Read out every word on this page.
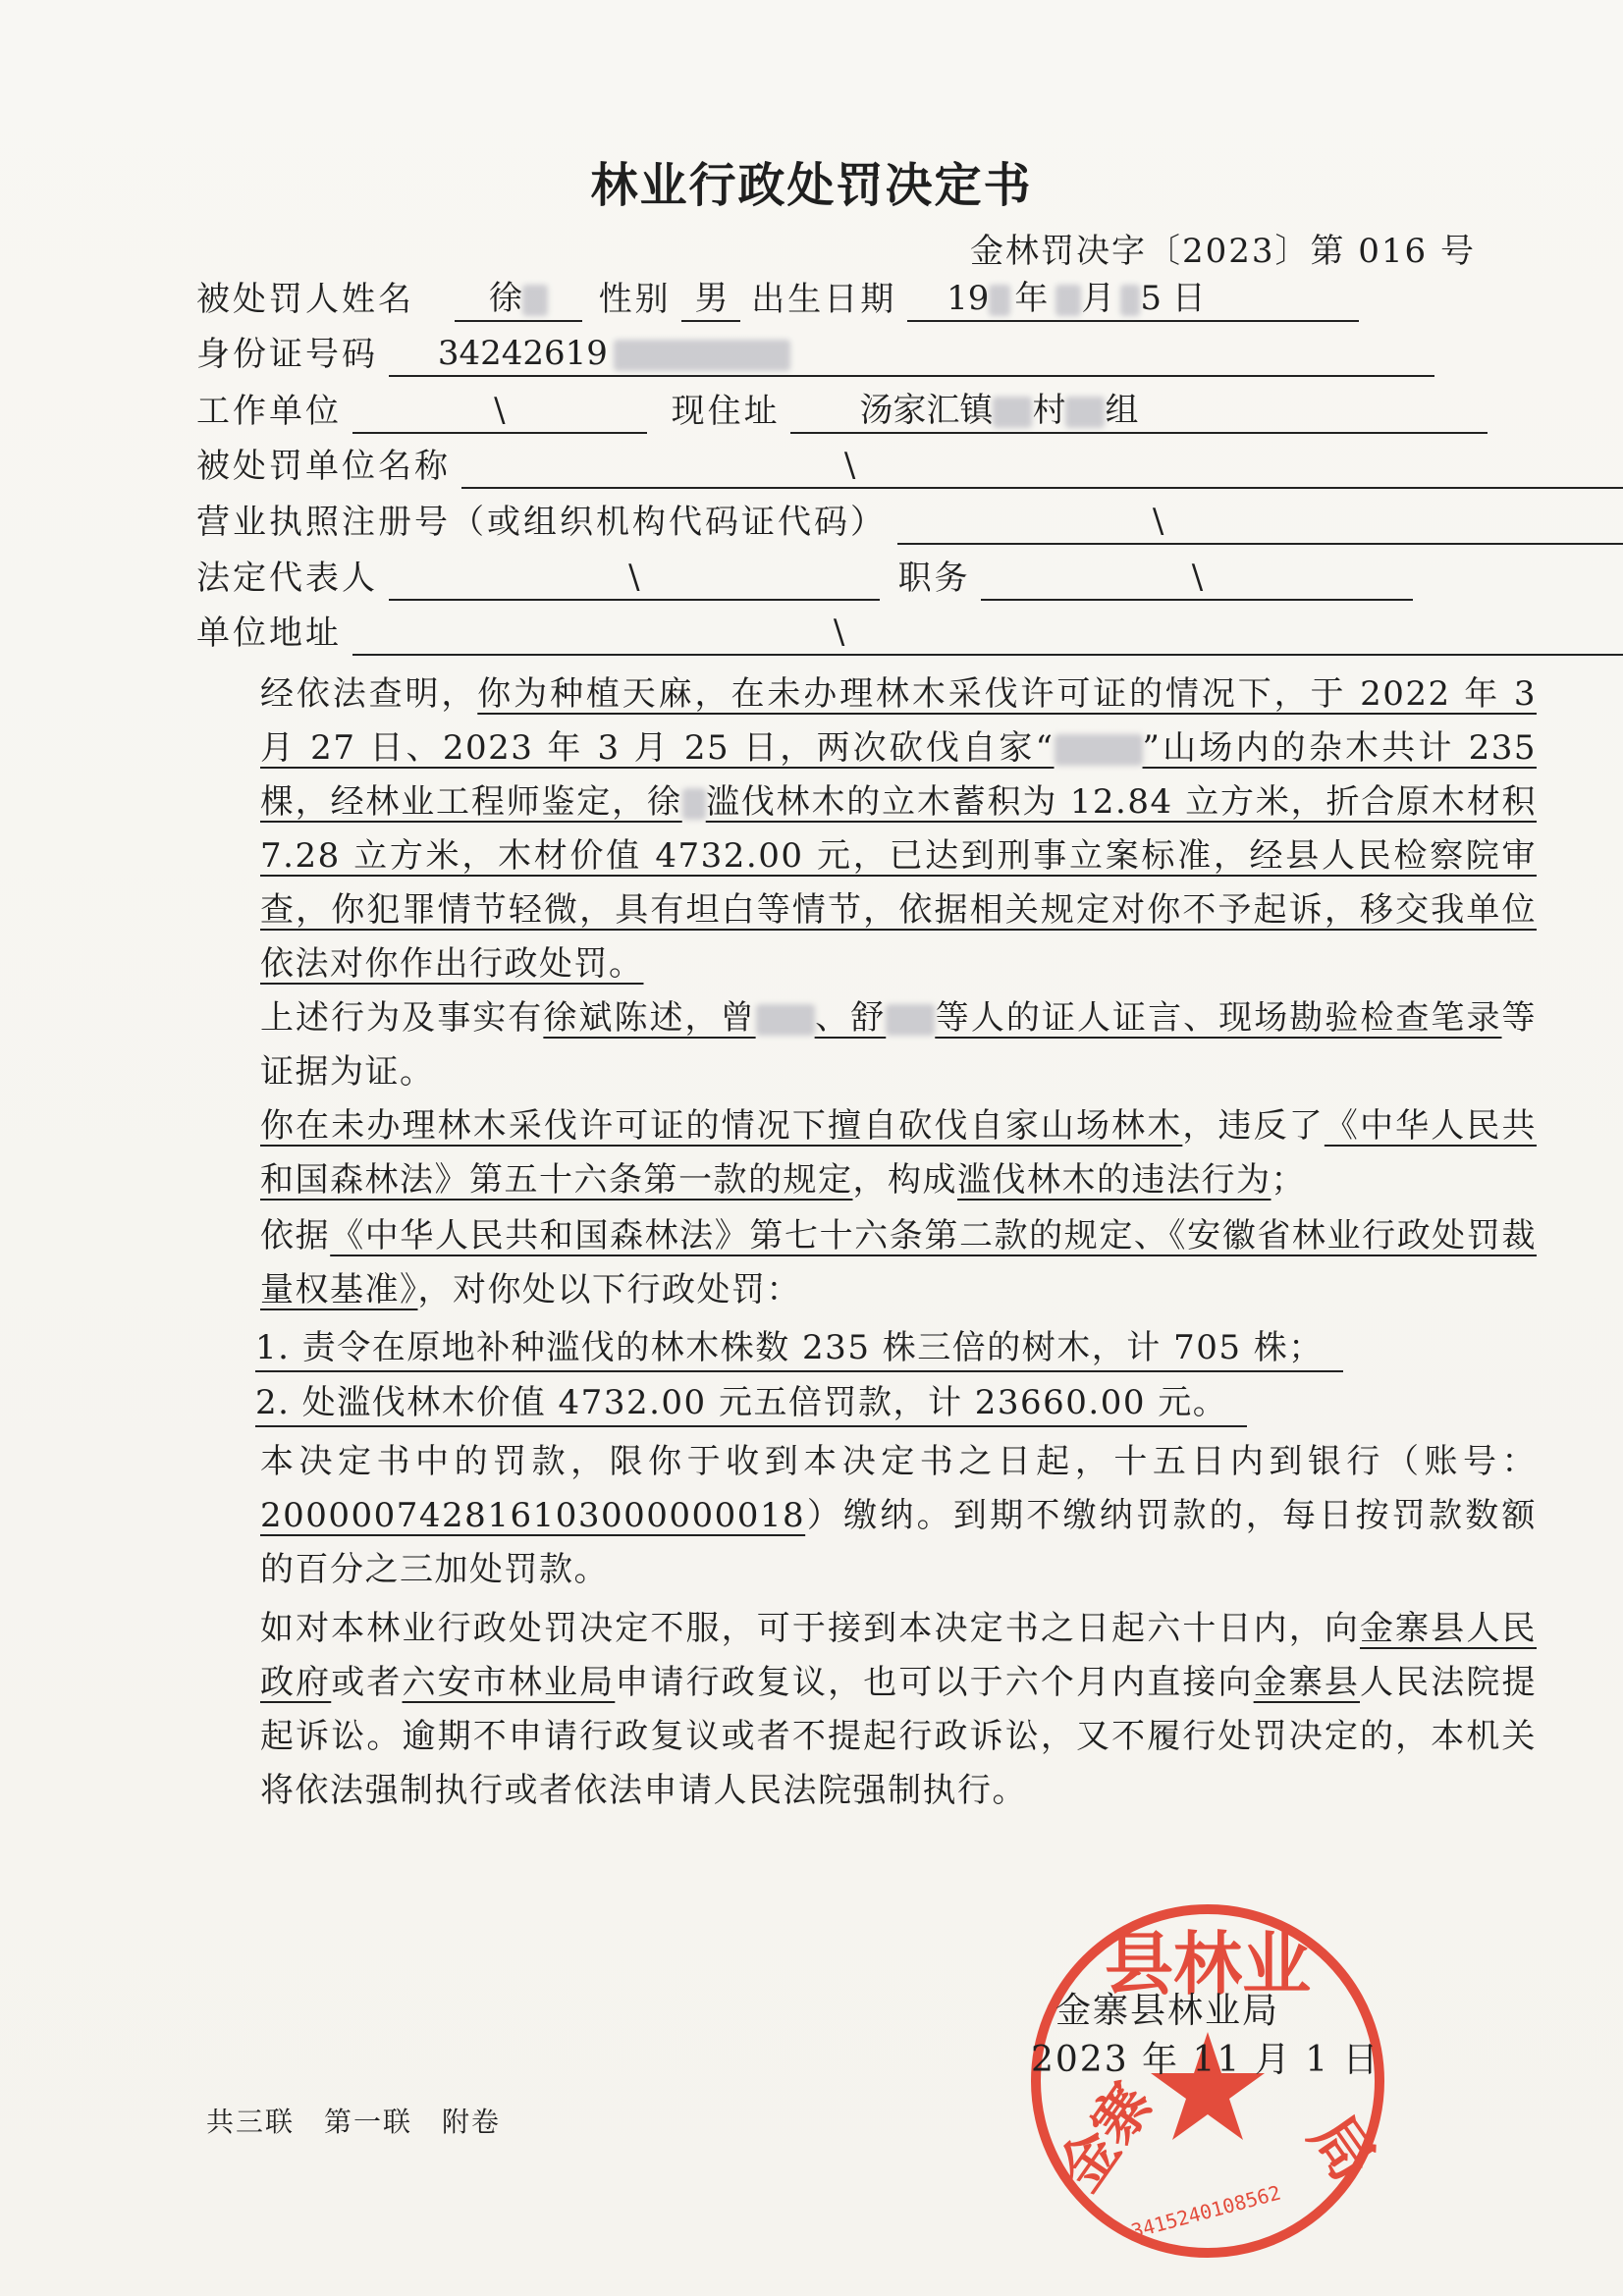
林业行政处罚决定书
金林罚决字〔2023〕第 016 号
被处罚人姓名 徐 性别 男 出生日期 19 年 月 5 日
身份证号码 34242619
工作单位	\	现住址 汤家汇镇 村 组
被处罚单位名称	\
营业执照注册号（或组织机构代码证代码）	\
法定代表人	\	职务	\
单位地址	\
经依法查明，你为种植天麻，在未办理林木采伐许可证的情况下，于 2022 年 3 月 27 日、2023 年 3 月 25 日，两次砍伐自家“	”山场内的杂木共计 235 棵，经林业工程师鉴定，徐 滥伐林木的立木蓄积为 12.84 立方米，折合原木材积 7.28 立方米，木材价值 4732.00 元，已达到刑事立案标准，经县人民检察院审查，你犯罪情节轻微，具有坦白等情节，依据相关规定对你不予起诉，移交我单位依法对你作出行政处罚。
上述行为及事实有徐斌陈述，曾 、舒 等人的证人证言、现场勘验检查笔录等证据为证。
你在未办理林木采伐许可证的情况下擅自砍伐自家山场林木，违反了《中华人民共和国森林法》第五十六条第一款的规定，构成滥伐林木的违法行为；
依据《中华人民共和国森林法》第七十六条第二款的规定、《安徽省林业行政处罚裁量权基准》，对你处以下行政处罚：
1. 责令在原地补种滥伐的林木株数 235 株三倍的树木，计 705 株；
2. 处滥伐林木价值 4732.00 元五倍罚款，计 23660.00 元。
本决定书中的罚款，限你于收到本决定书之日起，十五日内到银行（账号：200000742816103000000018）缴纳。到期不缴纳罚款的，每日按罚款数额的百分之三加处罚款。
如对本林业行政处罚决定不服，可于接到本决定书之日起六十日内，向金寨县人民政府或者六安市林业局申请行政复议，也可以于六个月内直接向金寨县人民法院提起诉讼。逾期不申请行政复议或者不提起行政诉讼，又不履行处罚决定的，本机关将依法强制执行或者依法申请人民法院强制执行。
县林业
金寨 局
3415240108562
金寨县林业局
2023 年 11 月 1 日
共三联　第一联　附卷
